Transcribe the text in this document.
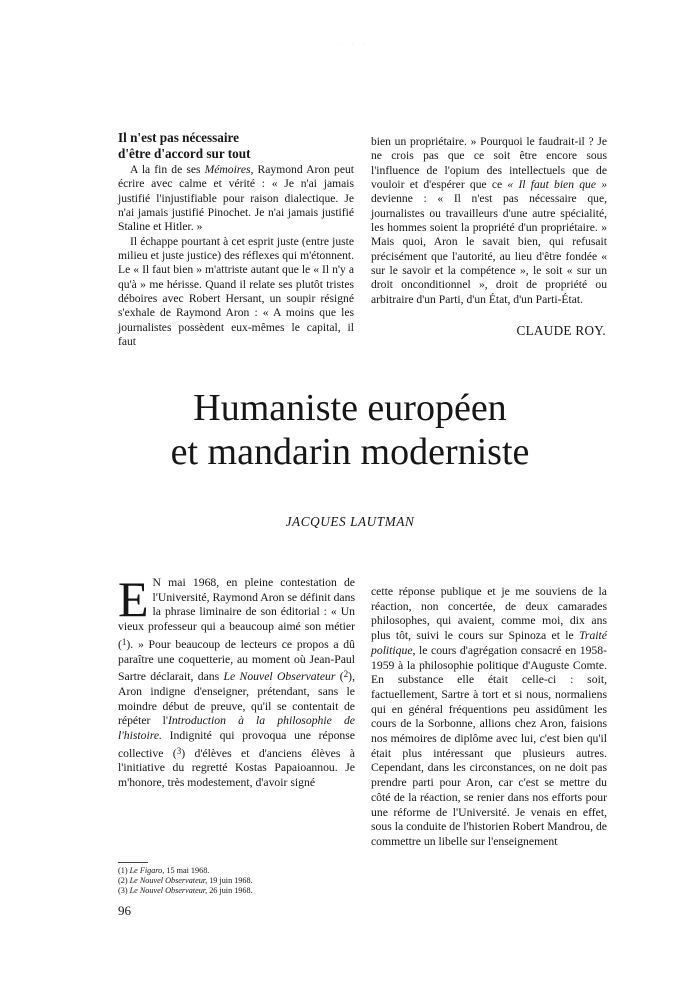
· · ·
Il n'est pas nécessaire
d'être d'accord sur tout

A la fin de ses Mémoires, Raymond Aron peut écrire avec calme et vérité : « Je n'ai jamais justifié l'injustifiable pour raison dialectique. Je n'ai jamais justifié Pinochet. Je n'ai jamais justifié Staline et Hitler. »

Il échappe pourtant à cet esprit juste (entre juste milieu et juste justice) des réflexes qui m'étonnent. Le « Il faut bien » m'attriste autant que le « Il n'y a qu'à » me hérisse. Quand il relate ses plutôt tristes déboires avec Robert Hersant, un soupir résigné s'exhale de Raymond Aron : « A moins que les journalistes possèdent eux-mêmes le capital, il faut

bien un propriétaire. » Pourquoi le faudrait-il ? Je ne crois pas que ce soit être encore sous l'influence de l'opium des intellectuels que de vouloir et d'espérer que ce « Il faut bien que » devienne : « Il n'est pas nécessaire que, journalistes ou travailleurs d'une autre spécialité, les hommes soient la propriété d'un propriétaire. » Mais quoi, Aron le savait bien, qui refusait précisément que l'autorité, au lieu d'être fondée « sur le savoir et la compétence », le soit « sur un droit onconditionnel », droit de propriété ou arbitraire d'un Parti, d'un État, d'un Parti-État.

CLAUDE ROY.
Humaniste européen
et mandarin moderniste
JACQUES LAUTMAN

E N mai 1968, en pleine contestation de l'Université, Raymond Aron se définit dans la phrase liminaire de son éditorial : « Un vieux professeur qui a beaucoup aimé son métier ($^1$). » Pour beaucoup de lecteurs ce propos a dû paraître une coquetterie, au moment où Jean-Paul Sartre déclarait, dans Le Nouvel Observateur ($^2$), Aron indigne d'enseigner, prétendant, sans le moindre début de preuve, qu'il se contentait de répéter l'Introduction à la philosophie de l'histoire. Indignité qui provoqua une réponse collective ($^3$) d'élèves et d'anciens élèves à l'initiative du regretté Kostas Papaioannou. Je m'honore, très modestement, d'avoir signé

cette réponse publique et je me souviens de la réaction, non concertée, de deux camarades philosophes, qui avaient, comme moi, dix ans plus tôt, suivi le cours sur Spinoza et le Traité politique, le cours d'agrégation consacré en 1958-1959 à la philosophie politique d'Auguste Comte. En substance elle était celle-ci : soit, factuellement, Sartre à tort et si nous, normaliens qui en général fréquentions peu assidûment les cours de la Sorbonne, allions chez Aron, faisions nos mémoires de diplôme avec lui, c'est bien qu'il était plus intéressant que plusieurs autres. Cependant, dans les circonstances, on ne doit pas prendre parti pour Aron, car c'est se mettre du côté de la réaction, se renier dans nos efforts pour une réforme de l'Université. Je venais en effet, sous la conduite de l'historien Robert Mandrou, de commettre un libelle sur l'enseignement

(1) Le Figaro, 15 mai 1968.
(2) Le Nouvel Observateur, 19 juin 1968.
(3) Le Nouvel Observateur, 26 juin 1968.
96
